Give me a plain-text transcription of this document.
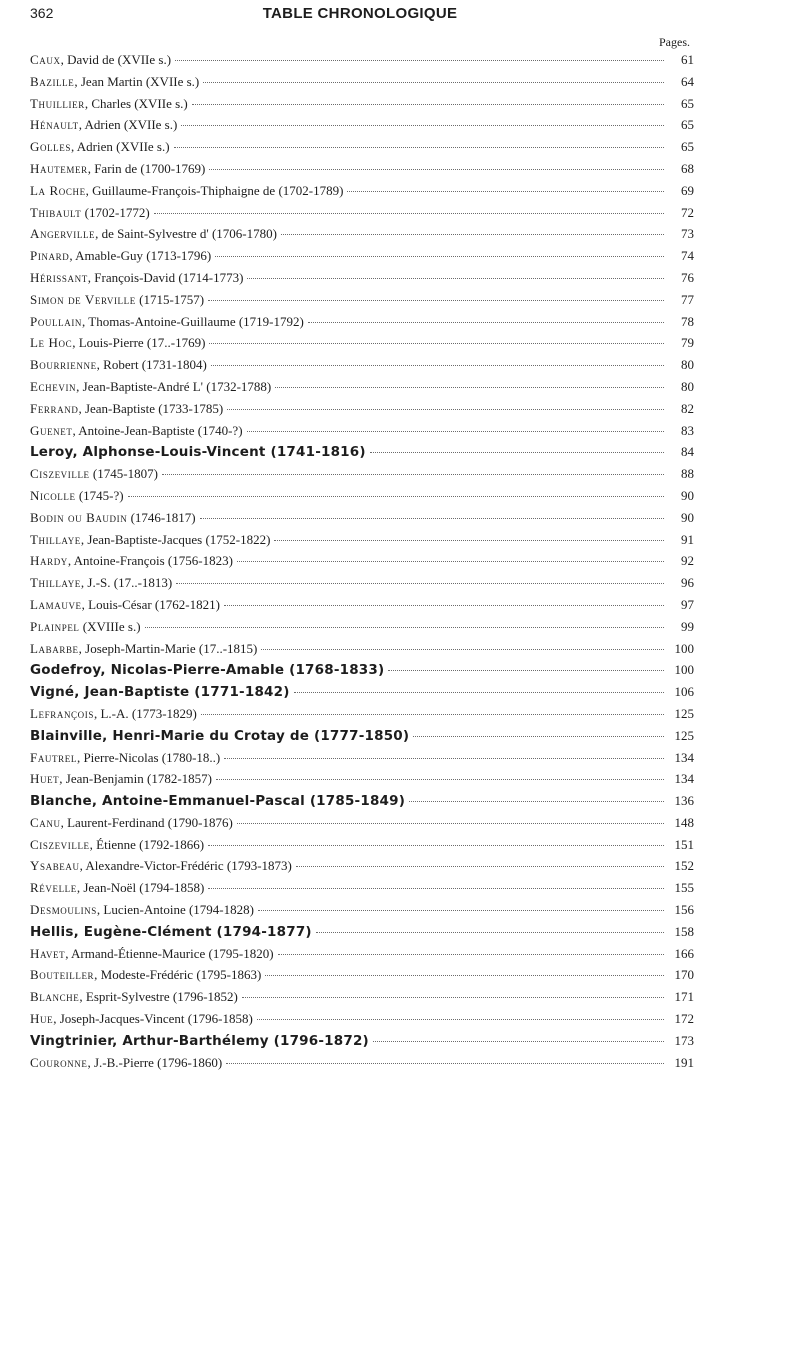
362	TABLE CHRONOLOGIQUE
Pages.
Caux, David de (XVIIe s.)	61
Bazille, Jean Martin (XVIIe s.)	64
Thuillier, Charles (XVIIe s.)	65
Hénault, Adrien (XVIIe s.)	65
Golles, Adrien (XVIIe s.)	65
Hautemer, Farin de (1700-1769)	68
La Roche, Guillaume-François-Thiphaigne de (1702-1789)	69
Thibault (1702-1772)	72
Angerville, de Saint-Sylvestre d' (1706-1780)	73
Pinard, Amable-Guy (1713-1796)	74
Hérissant, François-David (1714-1773)	76
Simon de Verville (1715-1757)	77
Poullain, Thomas-Antoine-Guillaume (1719-1792)	78
Le Hoc, Louis-Pierre (17..-1769)	79
Bourrienne, Robert (1731-1804)	80
Echevin, Jean-Baptiste-André L' (1732-1788)	80
Ferrand, Jean-Baptiste (1733-1785)	82
Guenet, Antoine-Jean-Baptiste (1740-?)	83
Leroy, Alphonse-Louis-Vincent (1741-1816)	84
Ciszeville (1745-1807)	88
Nicolle (1745-?)	90
Bodin ou Baudin (1746-1817)	90
Thillaye, Jean-Baptiste-Jacques (1752-1822)	91
Hardy, Antoine-François (1756-1823)	92
Thillaye, J.-S. (17..-1813)	96
Lamauve, Louis-César (1762-1821)	97
Plainpel (XVIIIe s.)	99
Labarbe, Joseph-Martin-Marie (17..-1815)	100
Godefroy, Nicolas-Pierre-Amable (1768-1833)	100
Vigné, Jean-Baptiste (1771-1842)	106
Lefrançois, L.-A. (1773-1829)	125
Blainville, Henri-Marie du Crotay de (1777-1850)	125
Fautrel, Pierre-Nicolas (1780-18..)	134
Huet, Jean-Benjamin (1782-1857)	134
Blanche, Antoine-Emmanuel-Pascal (1785-1849)	136
Canu, Laurent-Ferdinand (1790-1876)	148
Ciszeville, Étienne (1792-1866)	151
Ysabeau, Alexandre-Victor-Frédéric (1793-1873)	152
Révelle, Jean-Noël (1794-1858)	155
Desmoulins, Lucien-Antoine (1794-1828)	156
Hellis, Eugène-Clément (1794-1877)	158
Havet, Armand-Étienne-Maurice (1795-1820)	166
Bouteiller, Modeste-Frédéric (1795-1863)	170
Blanche, Esprit-Sylvestre (1796-1852)	171
Hue, Joseph-Jacques-Vincent (1796-1858)	172
Vingtrinier, Arthur-Barthélemy (1796-1872)	173
Couronne, J.-B.-Pierre (1796-1860)	191
